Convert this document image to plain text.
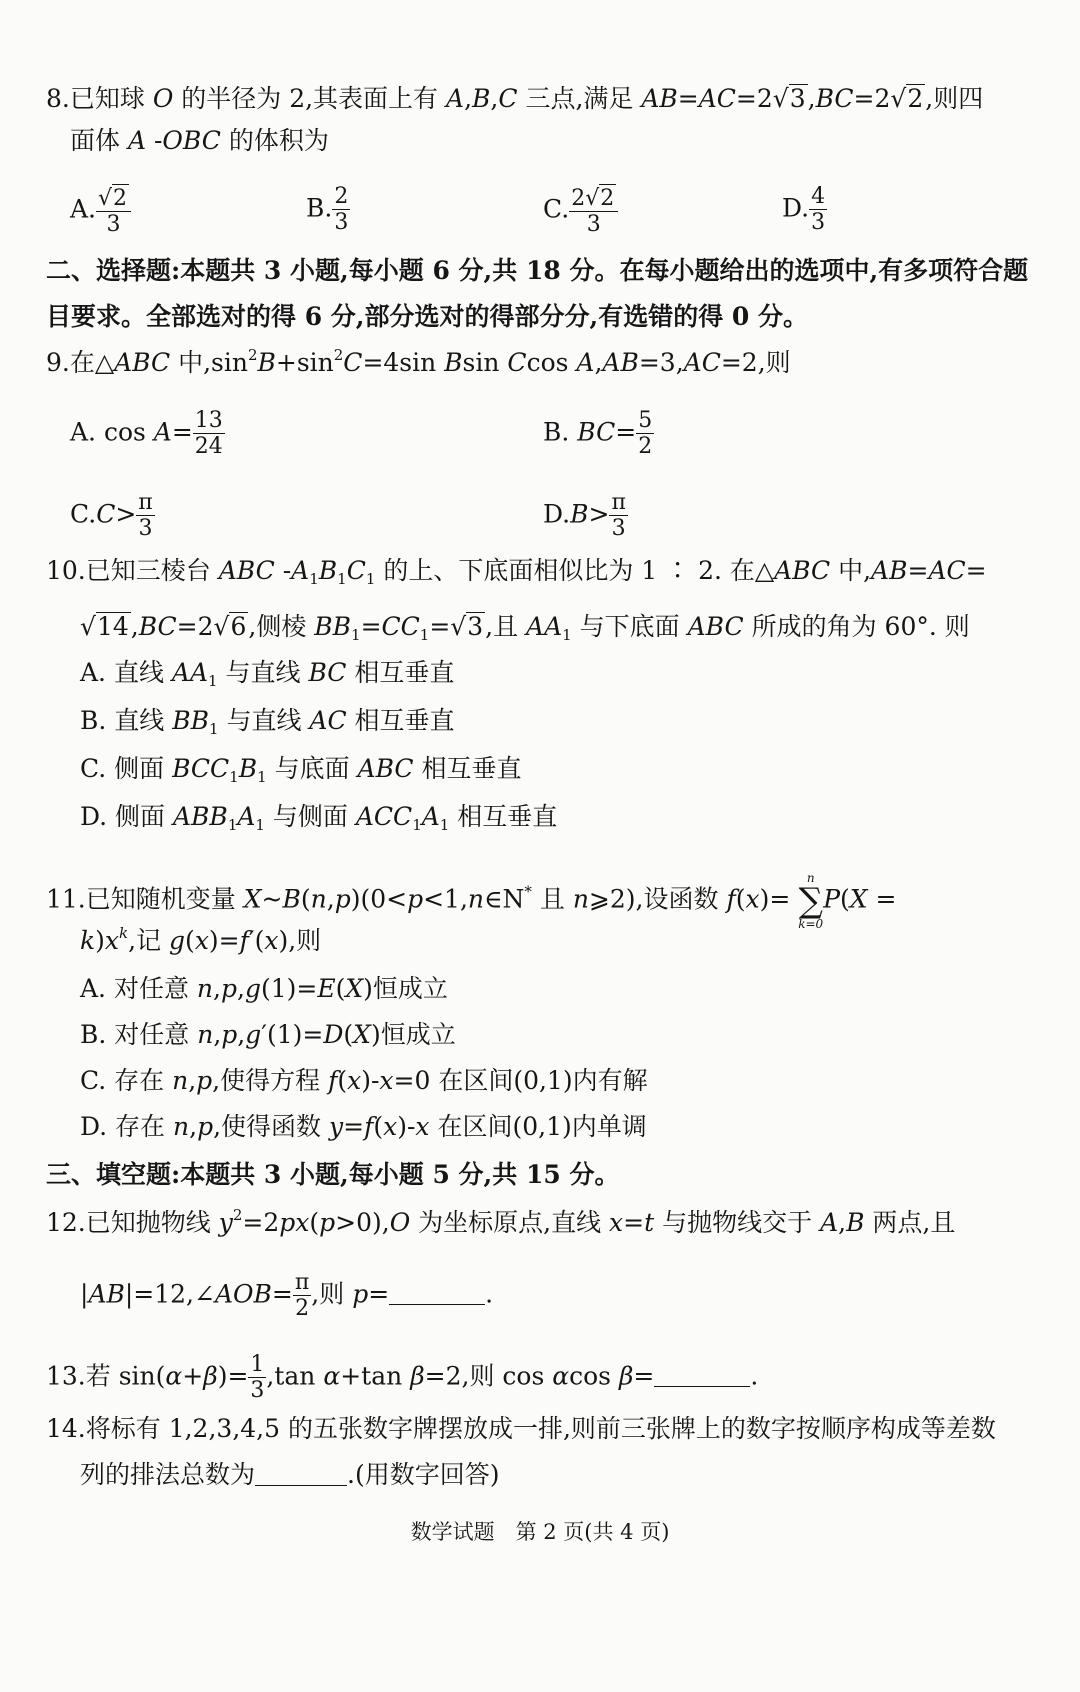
8.已知球 O 的半径为 2,其表面上有 A,B,C 三点,满足 AB=AC=2√3,BC=2√2,则四
面体 A -OBC 的体积为
A. $\frac{√2}{3}$	B. $\frac{2}{3}$	C. $\frac{2√2}{3}$	D. $\frac{4}{3}$
二、选择题:本题共 3 小题,每小题 6 分,共 18 分。在每小题给出的选项中,有多项符合题
目要求。全部选对的得 6 分,部分选对的得部分分,有选错的得 0 分。
9.在△ABC 中$,\sin^2B+\sin^2C=4\sin$ Bsin Ccos A,AB=3,AC=2,则
A. $\cos A= \frac{13}{24}$	B. $BC= \frac{5}{2}$
$C.C> \frac{\pi}{3}$	$D.B> \frac{\pi}{3}$
10.已知三棱台 ABC $-A_1B_1C_1$ 的上、下底面相似比为 1 ∶ 2. 在△ABC 中,AB=AC=
√14,BC=2√6,侧棱 $BB_1=CC_1=√3$,且 $AA_1$ 与下底面 ABC 所成的角为 60°. 则
A. 直线 $AA_1$ 与直线 BC 相互垂直
B. 直线 $BB_1$ 与直线 AC 相互垂直
C. 侧面 $BCC_1B_1$ 与底面 ABC 相互垂直
D. 侧面 $ABB_1A_1$ 与侧面 $ACC_1A_1$ 相互垂直
11.已知随机变量 X~B(n,p)(0<p<1,n∈N* 且 n⩾2),设函数 f(x)=
n
∑
k=0
P(X =
$k)x^k$,记 g(x)=f′(x),则
A. 对任意 n,p,g(1)=E(X)恒成立
B. 对任意 n,p,g′(1)=D(X)恒成立
C. 存在 n,p,使得方程 f(x)-x=0 在区间(0,1)内有解
D. 存在 n,p,使得函数 y=f(x)-x 在区间(0,1)内单调
三、填空题:本题共 3 小题,每小题 5 分,共 15 分。
12.已知抛物线 $y^2=2px(p>0),O$ 为坐标原点,直线 x=t 与抛物线交于 A,B 两点,且
|AB|=12,∠AOB= $\frac{\pi}{2}$ ,则 p=	.
13.若 $\sin(\alpha+\beta)= \frac{1}{3} ,\tan$ α+tan β=2,则 cos αcos β=	.
14.将标有 1,2,3,4,5 的五张数字牌摆放成一排,则前三张牌上的数字按顺序构成等差数
列的排法总数为	.(用数字回答)
数学试题　第 2 页(共 4 页)
